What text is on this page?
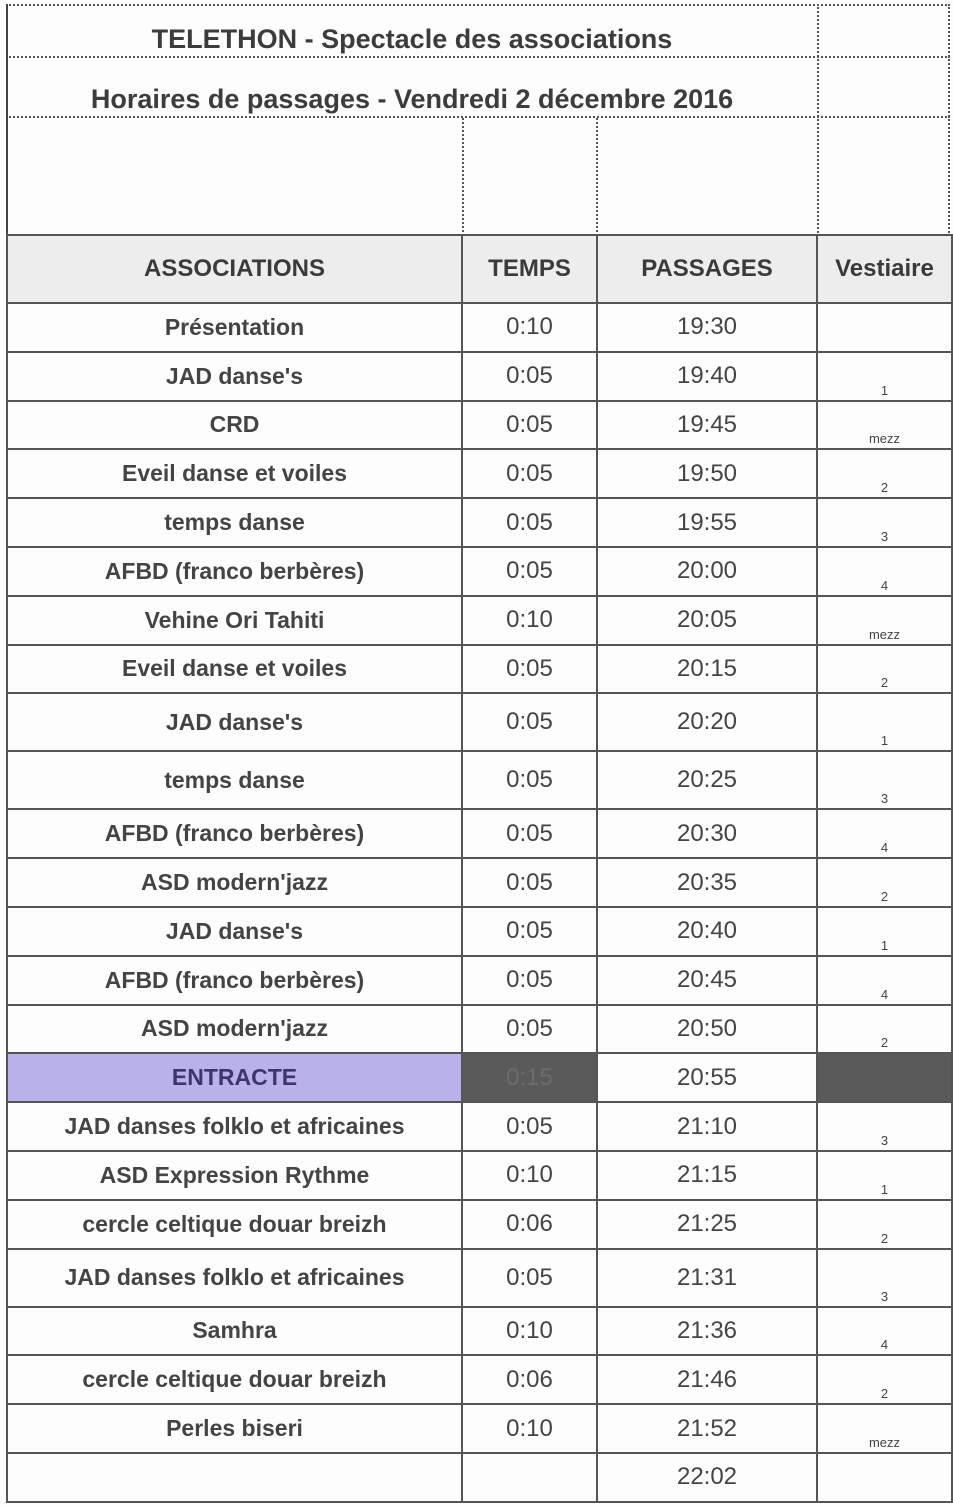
TELETHON - Spectacle des associations
Horaires de passages - Vendredi 2 décembre 2016
ASSOCIATIONS	TEMPS	PASSAGES	Vestiaire
Présentation	0:10	19:30	
JAD danse's	0:05	19:40	1
CRD	0:05	19:45	mezz
Eveil danse et voiles	0:05	19:50	2
temps danse	0:05	19:55	3
AFBD (franco berbères)	0:05	20:00	4
Vehine Ori Tahiti	0:10	20:05	mezz
Eveil danse et voiles	0:05	20:15	2
JAD danse's	0:05	20:20	1
temps danse	0:05	20:25	3
AFBD (franco berbères)	0:05	20:30	4
ASD modern'jazz	0:05	20:35	2
JAD danse's	0:05	20:40	1
AFBD (franco berbères)	0:05	20:45	4
ASD modern'jazz	0:05	20:50	2
ENTRACTE	0:15	20:55	
JAD danses folklo et africaines	0:05	21:10	3
ASD Expression Rythme	0:10	21:15	1
cercle celtique douar breizh	0:06	21:25	2
JAD danses folklo et africaines	0:05	21:31	3
Samhra	0:10	21:36	4
cercle celtique douar breizh	0:06	21:46	2
Perles biseri	0:10	21:52	mezz
		22:02	
